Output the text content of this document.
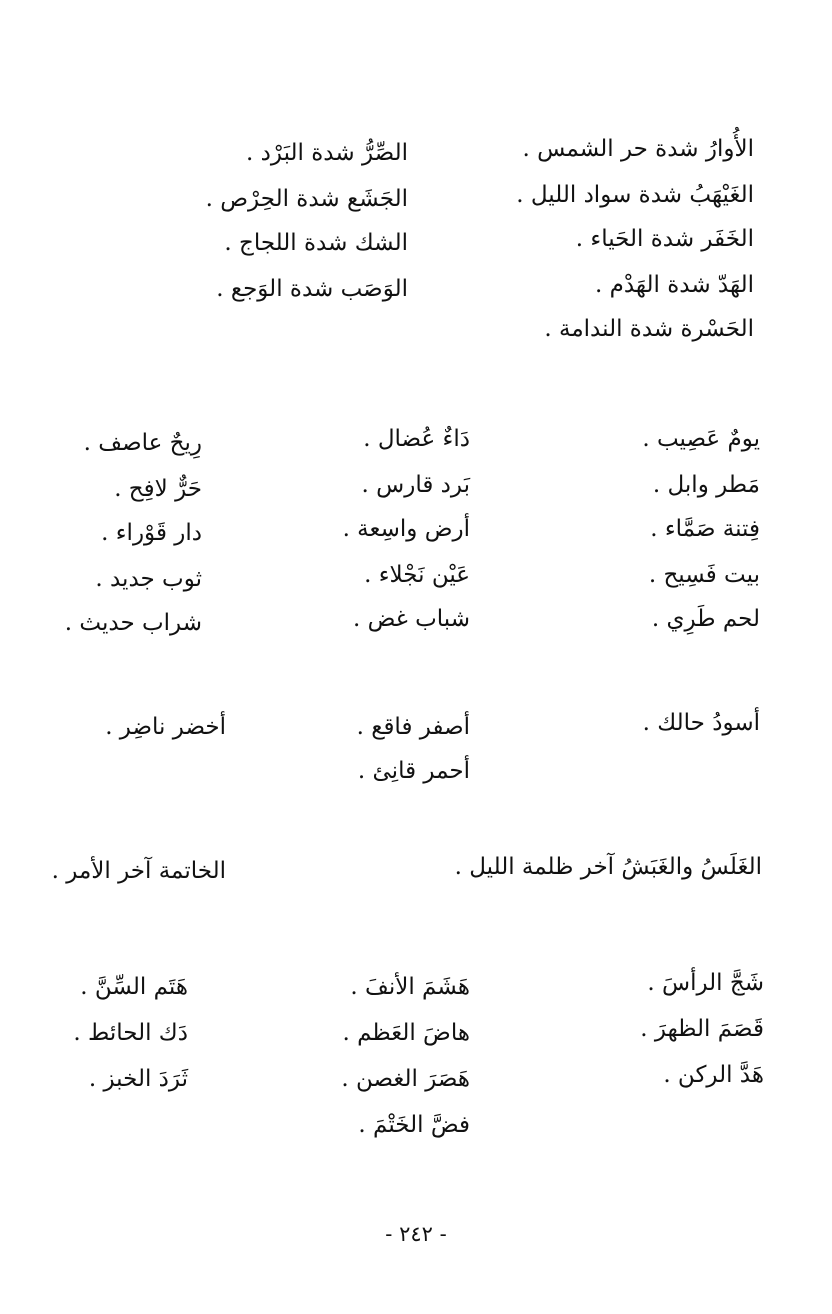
الأُوارُ شدة حر الشمس .
الغَيْهَبُ شدة سواد الليل .
الخَفَر شدة الحَياء .
الهَدّ شدة الهَدْم .
الحَسْرة شدة الندامة .
الصِّرُّ شدة البَرْد .
الجَشَع شدة الحِرْص .
الشك شدة اللجاج .
الوَصَب شدة الوَجع .
يومٌ عَصِيب .
مَطر وابل .
فِتنة صَمَّاء .
بيت فَسِيح .
لحم طَرِي .
دَاءٌ عُضال .
بَرد قارس .
أرض واسِعة .
عَيْن نَجْلاء .
شباب غض .
رِيحٌ عاصف .
حَرٌّ لافِح .
دار قَوْراء .
ثوب جديد .
شراب حديث .
أسودُ حالك .
أصفر فاقع .
أحمر قانِئ .
أخضر ناضِر .
الغَلَسُ والغَبَشُ آخر ظلمة الليل .
الخاتمة آخر الأمر .
شَجَّ الرأسَ .
قَصَمَ الظهرَ .
هَدَّ الركن .
هَشَمَ الأنفَ .
هاضَ العَظم .
هَصَرَ الغصن .
فضَّ الخَتْمَ .
هَتَم السِّنَّ .
دَك الحائط .
ثَرَدَ الخبز .
- ٢٤٢ -
